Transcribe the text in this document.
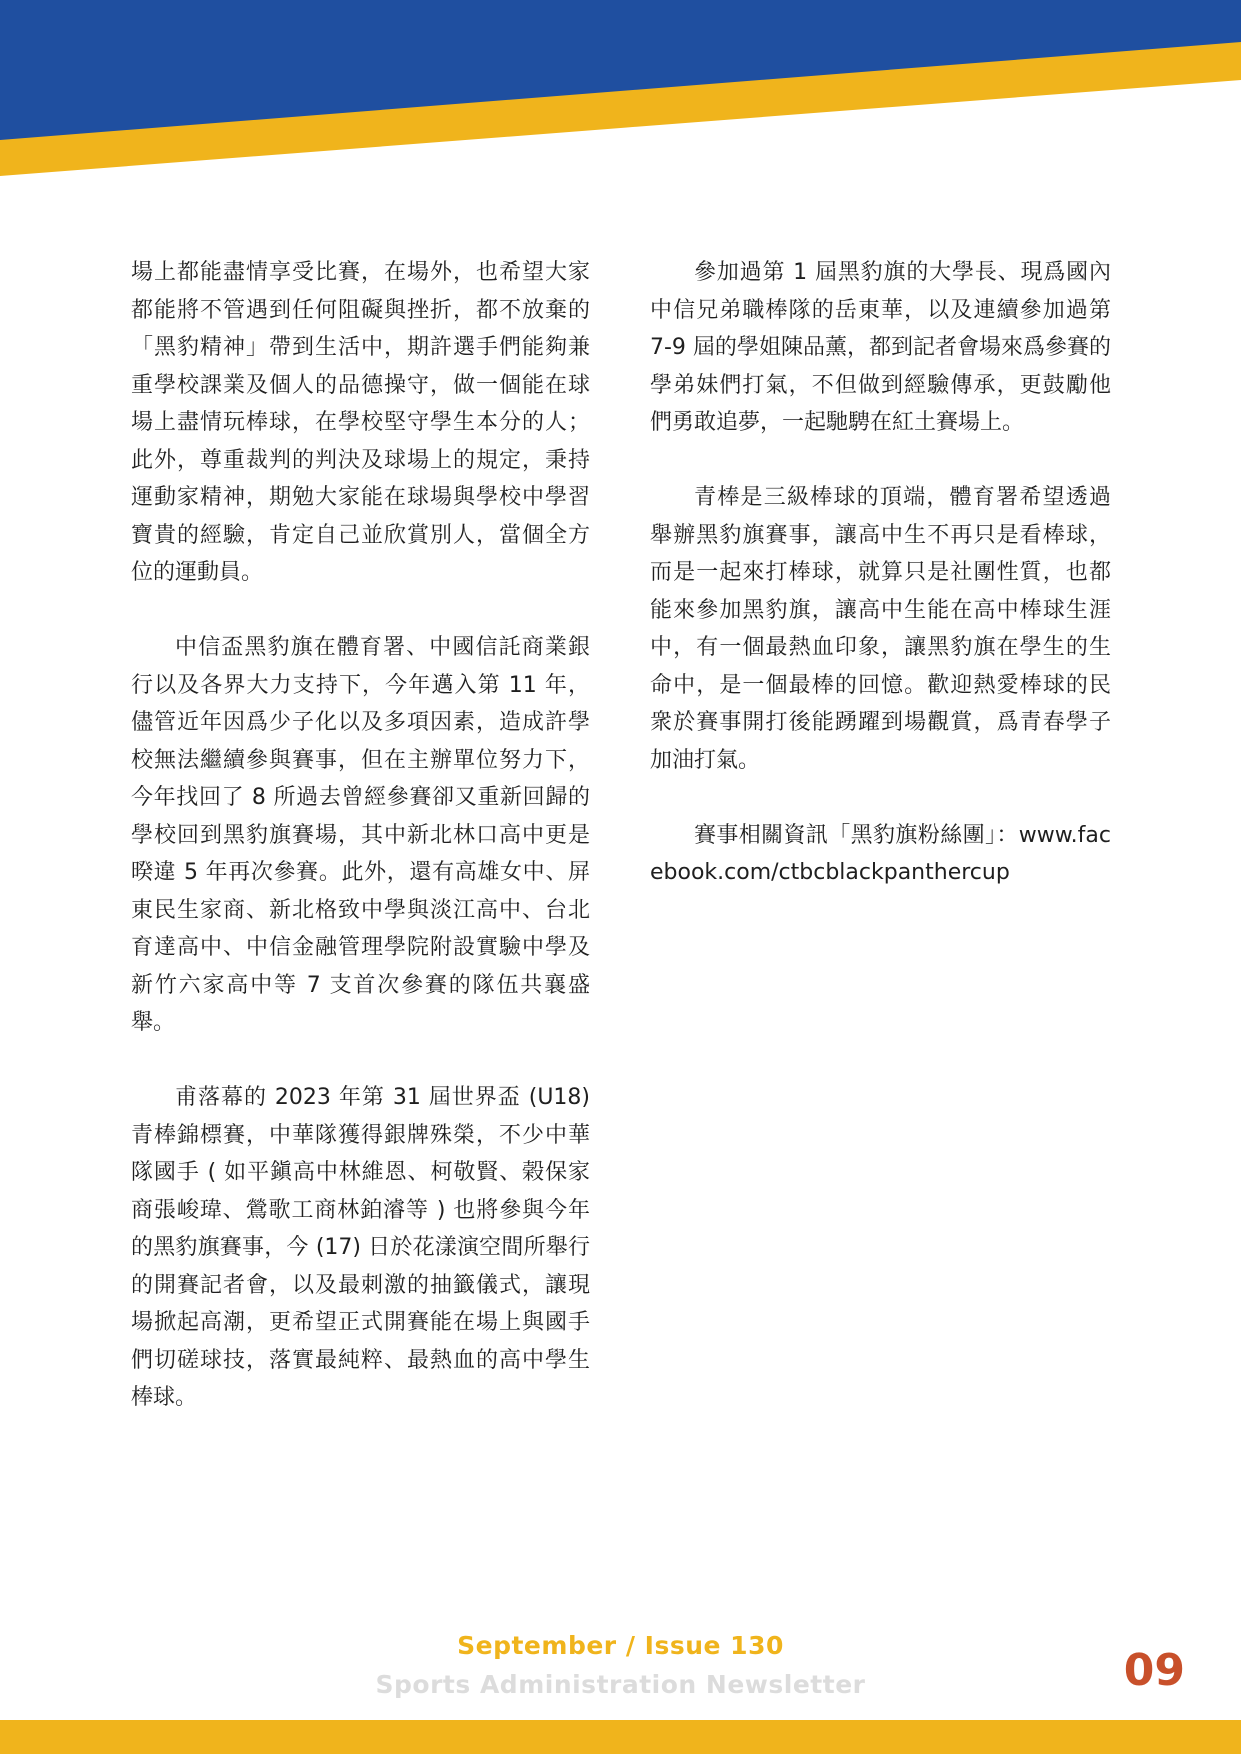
場上都能盡情享受比賽，在場外，也希望大家都能將不管遇到任何阻礙與挫折，都不放棄的「黑豹精神」帶到生活中，期許選手們能夠兼重學校課業及個人的品德操守，做一個能在球場上盡情玩棒球，在學校堅守學生本分的人；此外，尊重裁判的判決及球場上的規定，秉持運動家精神，期勉大家能在球場與學校中學習寶貴的經驗，肯定自己並欣賞別人，當個全方位的運動員。

中信盃黑豹旗在體育署、中國信託商業銀行以及各界大力支持下，今年邁入第 11 年，儘管近年因爲少子化以及多項因素，造成許學校無法繼續參與賽事，但在主辦單位努力下，今年找回了 8 所過去曾經參賽卻又重新回歸的學校回到黑豹旗賽場，其中新北林口高中更是暌違 5 年再次參賽。此外，還有高雄女中、屏東民生家商、新北格致中學與淡江高中、台北育達高中、中信金融管理學院附設實驗中學及新竹六家高中等 7 支首次參賽的隊伍共襄盛舉。

甫落幕的 2023 年第 31 屆世界盃 (U18) 青棒錦標賽，中華隊獲得銀牌殊榮，不少中華隊國手 ( 如平鎭高中林維恩、柯敬賢、榖保家商張峻瑋、鶯歌工商林鉑濬等 ) 也將參與今年的黑豹旗賽事，今 (17) 日於花漾演空間所舉行的開賽記者會，以及最刺激的抽籤儀式，讓現場掀起高潮，更希望正式開賽能在場上與國手們切磋球技，落實最純粹、最熱血的高中學生棒球。

參加過第 1 屆黑豹旗的大學長、現爲國內中信兄弟職棒隊的岳東華，以及連續參加過第 7-9 屆的學姐陳品薰，都到記者會場來爲參賽的學弟妹們打氣，不但做到經驗傳承，更鼓勵他們勇敢追夢，一起馳騁在紅土賽場上。

青棒是三級棒球的頂端，體育署希望透過舉辦黑豹旗賽事，讓高中生不再只是看棒球，而是一起來打棒球，就算只是社團性質，也都能來參加黑豹旗，讓高中生能在高中棒球生涯中，有一個最熱血印象，讓黑豹旗在學生的生命中，是一個最棒的回憶。歡迎熱愛棒球的民衆於賽事開打後能踴躍到場觀賞，爲青春學子加油打氣。

賽事相關資訊「黑豹旗粉絲團」：www.facebook.com/ctbcblackpanthercup

September / Issue 130
Sports Administration Newsletter	09
